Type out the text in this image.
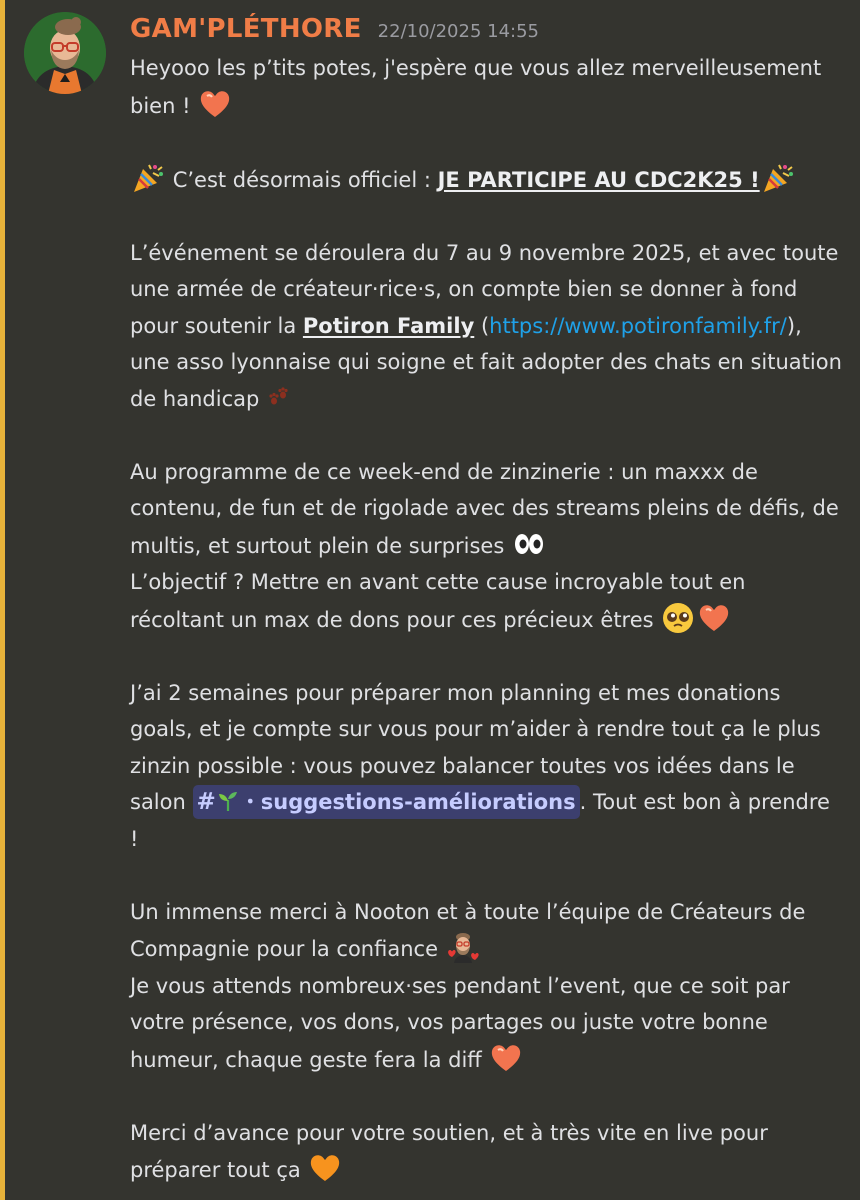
GAM'PLÉTHORE 22/10/2025 14:55

Heyooo les p’tits potes, j'espère que vous allez merveilleusement
bien !

C’est désormais officiel : JE PARTICIPE AU CDC2K25 !

L’événement se déroulera du 7 au 9 novembre 2025, et avec toute une armée de créateur·rice·s, on compte bien se donner à fond pour soutenir la Potiron Family (https://www.potironfamily.fr/), une asso lyonnaise qui soigne et fait adopter des chats en situation de handicap

Au programme de ce week-end de zinzinerie : un maxxx de contenu, de fun et de rigolade avec des streams pleins de défis, de multis, et surtout plein de surprises

L’objectif ? Mettre en avant cette cause incroyable tout en récoltant un max de dons pour ces précieux êtres

J’ai 2 semaines pour préparer mon planning et mes donations goals, et je compte sur vous pour m’aider à rendre tout ça le plus zinzin possible : vous pouvez balancer toutes vos idées dans le salon # ・suggestions-améliorations . Tout est bon à prendre !

Un immense merci à Nooton et à toute l’équipe de Créateurs de Compagnie pour la confiance

Je vous attends nombreux·ses pendant l’event, que ce soit par votre présence, vos dons, vos partages ou juste votre bonne humeur, chaque geste fera la diff

Merci d’avance pour votre soutien, et à très vite en live pour préparer tout ça
